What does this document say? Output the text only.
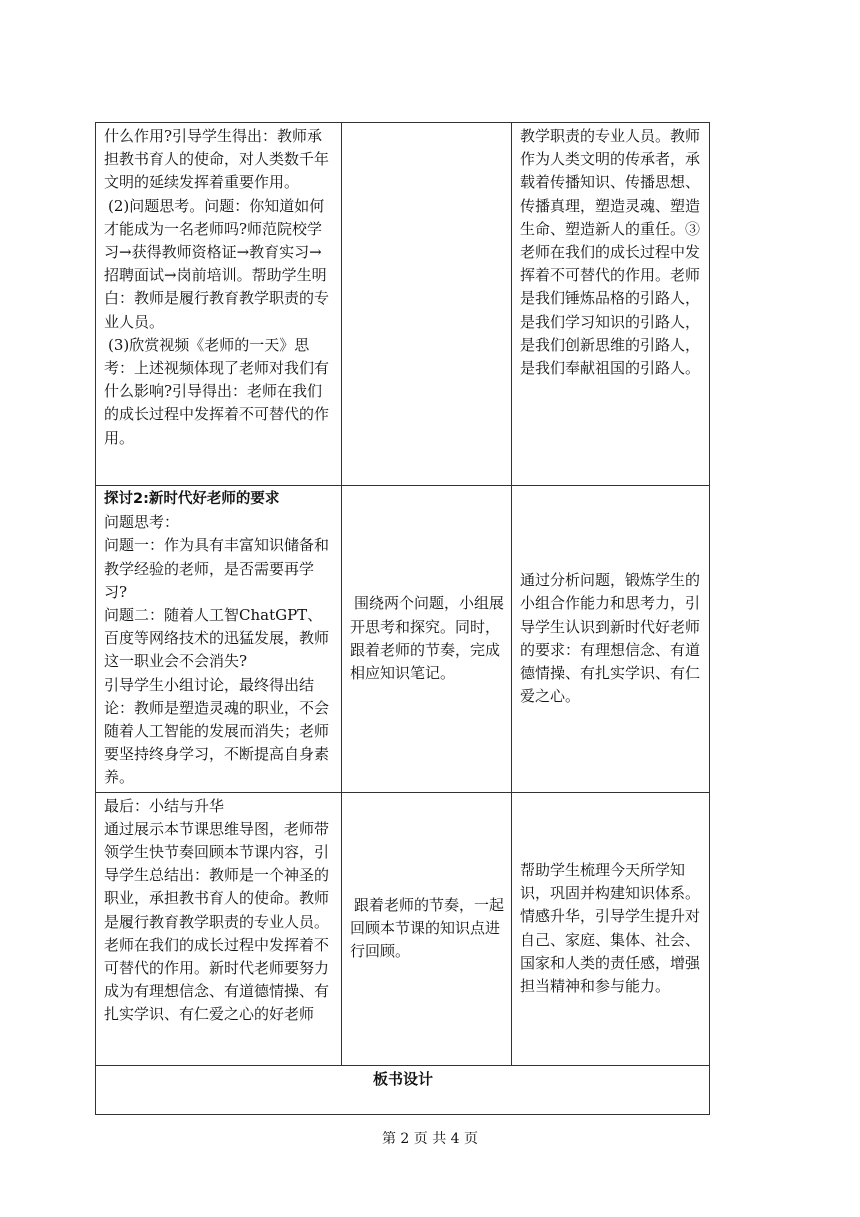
什么作用?引导学生得出：教师承担教书育人的使命，对人类数千年文明的延续发挥着重要作用。

(2)问题思考。问题：你知道如何才能成为一名老师吗?师范院校学习→获得教师资格证→教育实习→招聘面试→岗前培训。帮助学生明白：教师是履行教育教学职责的专业人员。

(3)欣赏视频《老师的一天》思考：上述视频体现了老师对我们有什么影响?引导得出：老师在我们的成长过程中发挥着不可替代的作用。		教学职责的专业人员。教师作为人类文明的传承者，承载着传播知识、传播思想、传播真理，塑造灵魂、塑造生命、塑造新人的重任。③老师在我们的成长过程中发挥着不可替代的作用。老师是我们锤炼品格的引路人，是我们学习知识的引路人，是我们创新思维的引路人，是我们奉献祖国的引路人。

探讨2:新时代好老师的要求

问题思考：

问题一：作为具有丰富知识储备和教学经验的老师，是否需要再学习?

问题二：随着人工智ChatGPT、百度等网络技术的迅猛发展，教师这一职业会不会消失?

引导学生小组讨论，最终得出结论：教师是塑造灵魂的职业，不会随着人工智能的发展而消失；老师要坚持终身学习，不断提高自身素养。	围绕两个问题，小组展开思考和探究。同时，跟着老师的节奏，完成相应知识笔记。	通过分析问题，锻炼学生的小组合作能力和思考力，引导学生认识到新时代好老师的要求：有理想信念、有道德情操、有扎实学识、有仁爱之心。

最后：小结与升华

通过展示本节课思维导图，老师带领学生快节奏回顾本节课内容，引导学生总结出：教师是一个神圣的职业，承担教书育人的使命。教师是履行教育教学职责的专业人员。老师在我们的成长过程中发挥着不可替代的作用。新时代老师要努力成为有理想信念、有道德情操、有扎实学识、有仁爱之心的好老师	跟着老师的节奏，一起回顾本节课的知识点进行回顾。	帮助学生梳理今天所学知识，巩固并构建知识体系。情感升华，引导学生提升对自己、家庭、集体、社会、国家和人类的责任感，增强担当精神和参与能力。

板书设计		
第 2 页 共 4 页
